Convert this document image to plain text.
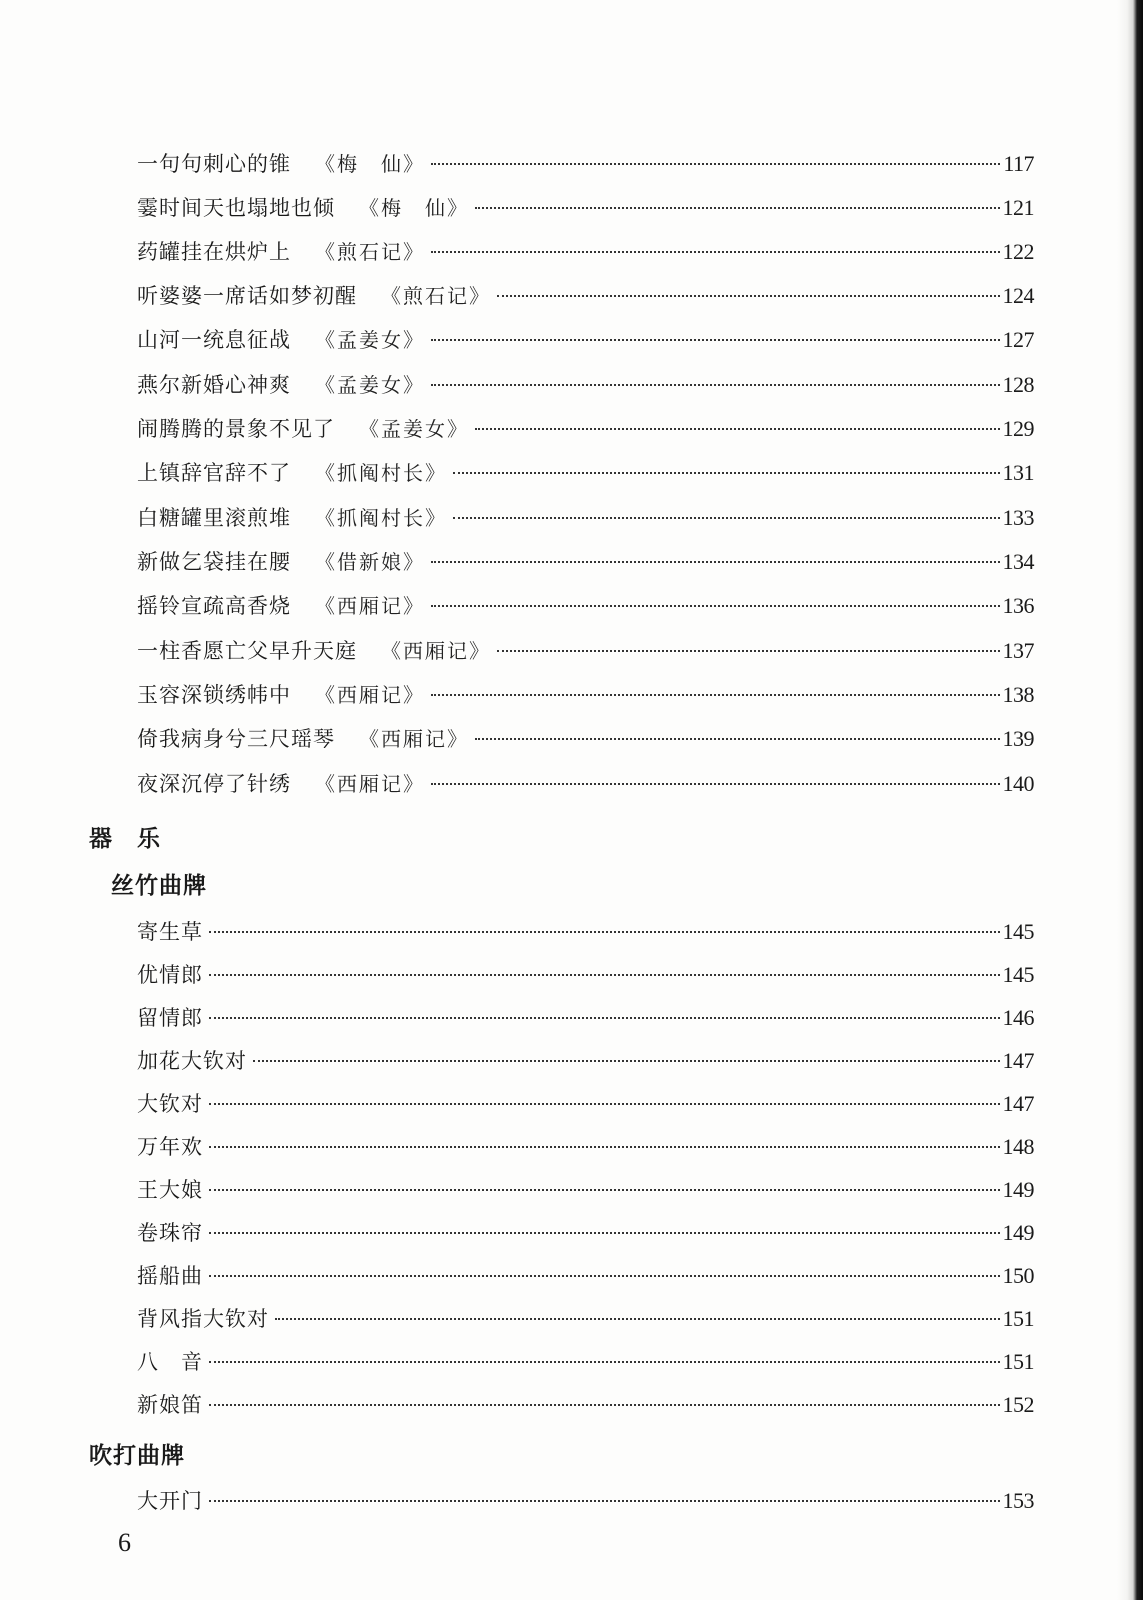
一句句刺心的锥 《梅　仙》	117
霎时间天也塌地也倾 《梅　仙》	121
药罐挂在烘炉上 《煎石记》	122
听婆婆一席话如梦初醒 《煎石记》	124
山河一统息征战 《孟姜女》	127
燕尔新婚心神爽 《孟姜女》	128
闹腾腾的景象不见了 《孟姜女》	129
上镇辞官辞不了 《抓阄村长》	131
白糖罐里滚煎堆 《抓阄村长》	133
新做乞袋挂在腰 《借新娘》	134
摇铃宣疏高香烧 《西厢记》	136
一柱香愿亡父早升天庭 《西厢记》	137
玉容深锁绣帏中 《西厢记》	138
倚我病身兮三尺瑶琴 《西厢记》	139
夜深沉停了针绣 《西厢记》	140
器　乐
丝竹曲牌
寄生草	145
优情郎	145
留情郎	146
加花大钦对	147
大钦对	147
万年欢	148
王大娘	149
卷珠帘	149
摇船曲	150
背风指大钦对	151
八　音	151
新娘笛	152
吹打曲牌
大开门	153
6
